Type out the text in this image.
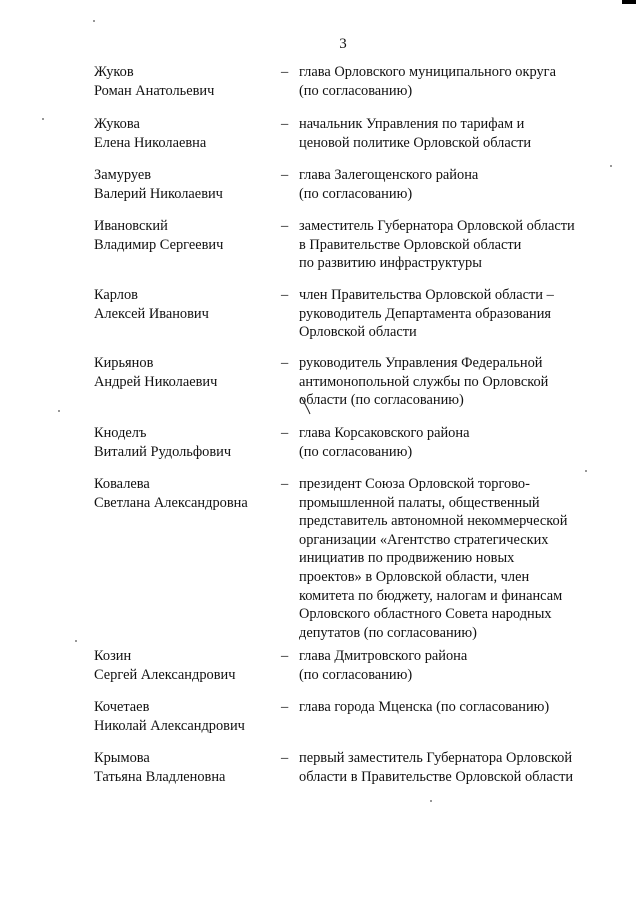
3
Жуков
Роман Анатольевич
– глава Орловского муниципального округа
(по согласованию)
Жукова
Елена Николаевна
– начальник Управления по тарифам и
ценовой политике Орловской области
Замуруев
Валерий Николаевич
– глава Залегощенского района
(по согласованию)
Ивановский
Владимир Сергеевич
– заместитель Губернатора Орловской области
в Правительстве Орловской области
по развитию инфраструктуры
Карлов
Алексей Иванович
– член Правительства Орловской области –
руководитель Департамента образования
Орловской области
Кирьянов
Андрей Николаевич
– руководитель Управления Федеральной
антимонопольной службы по Орловской
области (по согласованию)
Кноделъ
Виталий Рудольфович
– глава Корсаковского района
(по согласованию)
Ковалева
Светлана Александровна
– президент Союза Орловской торгово-
промышленной палаты, общественный
представитель автономной некоммерческой
организации «Агентство стратегических
инициатив по продвижению новых
проектов» в Орловской области, член
комитета по бюджету, налогам и финансам
Орловского областного Совета народных
депутатов (по согласованию)
Козин
Сергей Александрович
– глава Дмитровского района
(по согласованию)
Кочетаев
Николай Александрович
– глава города Мценска (по согласованию)
Крымова
Татьяна Владленовна
– первый заместитель Губернатора Орловской
области в Правительстве Орловской области
